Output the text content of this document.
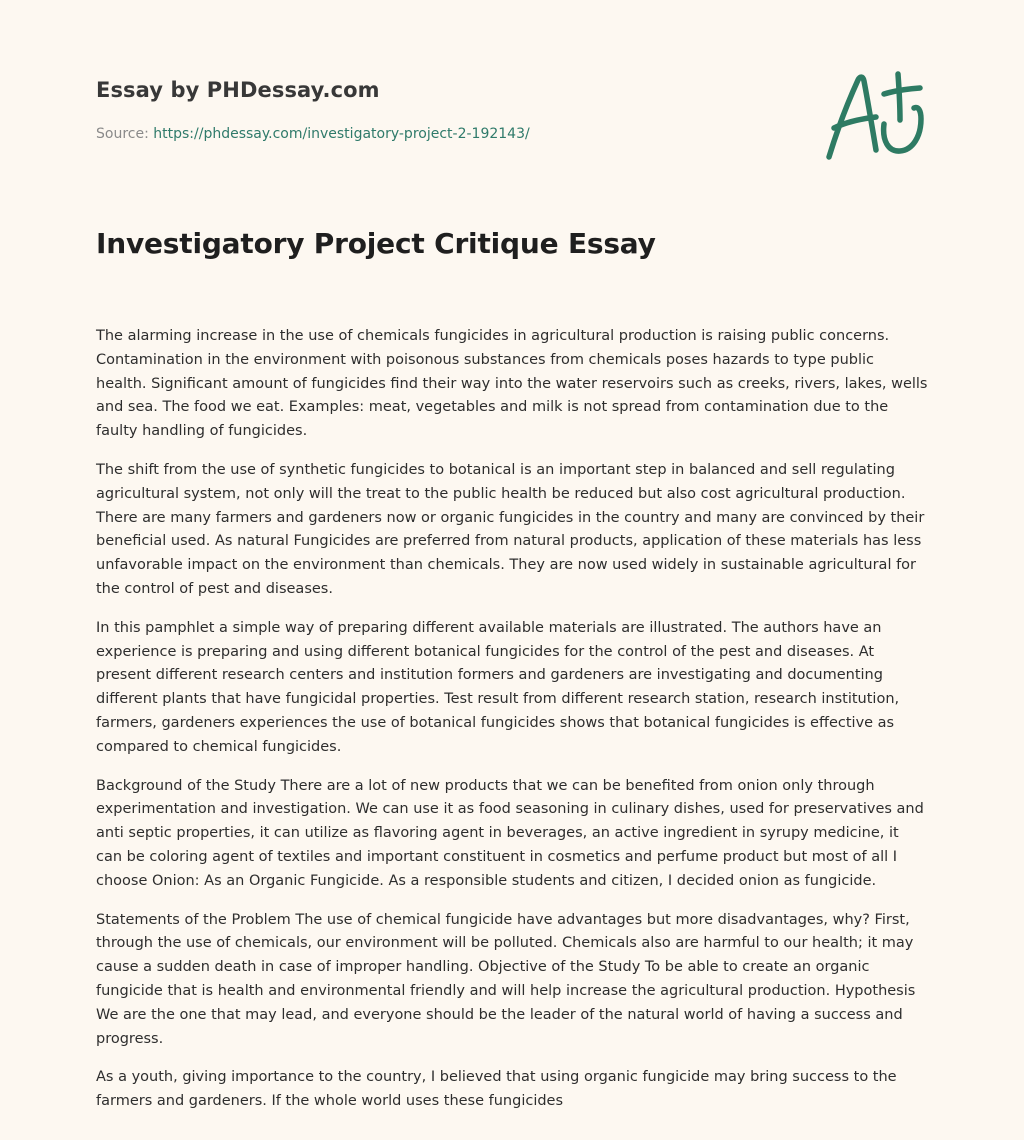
Essay by PHDessay.com
Source: https://phdessay.com/investigatory-project-2-192143/
Investigatory Project Critique Essay

The alarming increase in the use of chemicals fungicides in agricultural production is raising public concerns. Contamination in the environment with poisonous substances from chemicals poses hazards to type public health. Significant amount of fungicides find their way into the water reservoirs such as creeks, rivers, lakes, wells and sea. The food we eat. Examples: meat, vegetables and milk is not spread from contamination due to the faulty handling of fungicides.

The shift from the use of synthetic fungicides to botanical is an important step in balanced and sell regulating agricultural system, not only will the treat to the public health be reduced but also cost agricultural production. There are many farmers and gardeners now or organic fungicides in the country and many are convinced by their beneficial used. As natural Fungicides are preferred from natural products, application of these materials has less unfavorable impact on the environment than chemicals. They are now used widely in sustainable agricultural for the control of pest and diseases.

In this pamphlet a simple way of preparing different available materials are illustrated. The authors have an experience is preparing and using different botanical fungicides for the control of the pest and diseases. At present different research centers and institution formers and gardeners are investigating and documenting different plants that have fungicidal properties. Test result from different research station, research institution, farmers, gardeners experiences the use of botanical fungicides shows that botanical fungicides is effective as compared to chemical fungicides.

Background of the Study There are a lot of new products that we can be benefited from onion only through experimentation and investigation. We can use it as food seasoning in culinary dishes, used for preservatives and anti septic properties, it can utilize as flavoring agent in beverages, an active ingredient in syrupy medicine, it can be coloring agent of textiles and important constituent in cosmetics and perfume product but most of all I choose Onion: As an Organic Fungicide. As a responsible students and citizen, I decided onion as fungicide.

Statements of the Problem The use of chemical fungicide have advantages but more disadvantages, why? First, through the use of chemicals, our environment will be polluted. Chemicals also are harmful to our health; it may cause a sudden death in case of improper handling. Objective of the Study To be able to create an organic fungicide that is health and environmental friendly and will help increase the agricultural production. Hypothesis We are the one that may lead, and everyone should be the leader of the natural world of having a success and progress.

As a youth, giving importance to the country, I believed that using organic fungicide may bring success to the farmers and gardeners. If the whole world uses these fungicides
